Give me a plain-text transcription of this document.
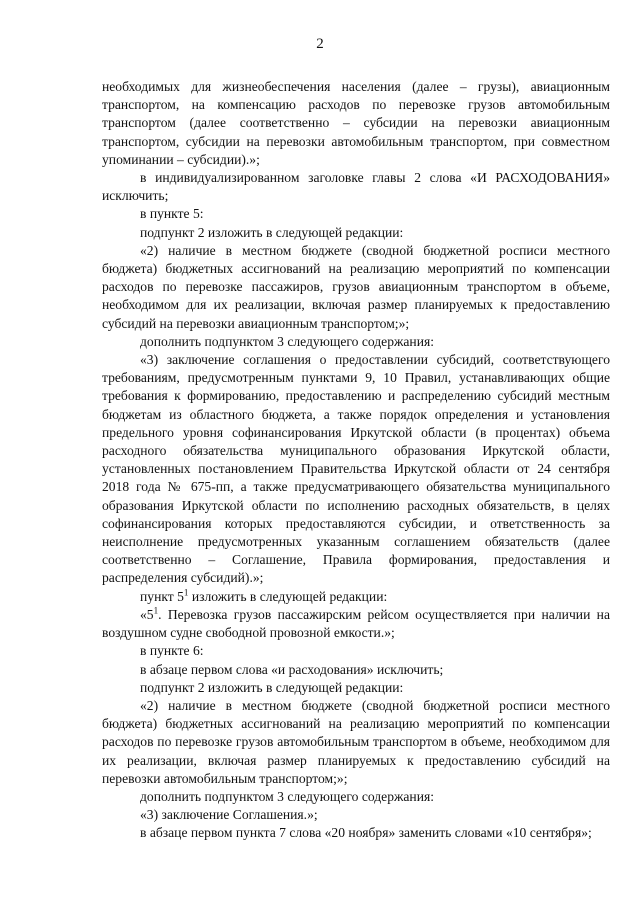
2

необходимых для жизнеобеспечения населения (далее – грузы), авиационным транспортом, на компенсацию расходов по перевозке грузов автомобильным транспортом (далее соответственно – субсидии на перевозки авиационным транспортом, субсидии на перевозки автомобильным транспортом, при совместном упоминании – субсидии).»;

в индивидуализированном заголовке главы 2 слова «И РАСХОДОВАНИЯ» исключить;

в пункте 5:

подпункт 2 изложить в следующей редакции:

«2) наличие в местном бюджете (сводной бюджетной росписи местного бюджета) бюджетных ассигнований на реализацию мероприятий по компенсации расходов по перевозке пассажиров, грузов авиационным транспортом в объеме, необходимом для их реализации, включая размер планируемых к предоставлению субсидий на перевозки авиационным транспортом;»;

дополнить подпунктом 3 следующего содержания:

«3) заключение соглашения о предоставлении субсидий, соответствующего требованиям, предусмотренным пунктами 9, 10 Правил, устанавливающих общие требования к формированию, предоставлению и распределению субсидий местным бюджетам из областного бюджета, а также порядок определения и установления предельного уровня софинансирования Иркутской области (в процентах) объема расходного обязательства муниципального образования Иркутской области, установленных постановлением Правительства Иркутской области от 24 сентября 2018 года № 675-пп, а также предусматривающего обязательства муниципального образования Иркутской области по исполнению расходных обязательств, в целях софинансирования которых предоставляются субсидии, и ответственность за неисполнение предусмотренных указанным соглашением обязательств (далее соответственно – Соглашение, Правила формирования, предоставления и распределения субсидий).»;

пункт $5^1$ изложить в следующей редакции:

«$5^1$. Перевозка грузов пассажирским рейсом осуществляется при наличии на воздушном судне свободной провозной емкости.»;

в пункте 6:

в абзаце первом слова «и расходования» исключить;

подпункт 2 изложить в следующей редакции:

«2) наличие в местном бюджете (сводной бюджетной росписи местного бюджета) бюджетных ассигнований на реализацию мероприятий по компенсации расходов по перевозке грузов автомобильным транспортом в объеме, необходимом для их реализации, включая размер планируемых к предоставлению субсидий на перевозки автомобильным транспортом;»;

дополнить подпунктом 3 следующего содержания:

«3) заключение Соглашения.»;

в абзаце первом пункта 7 слова «20 ноября» заменить словами «10 сентября»;
